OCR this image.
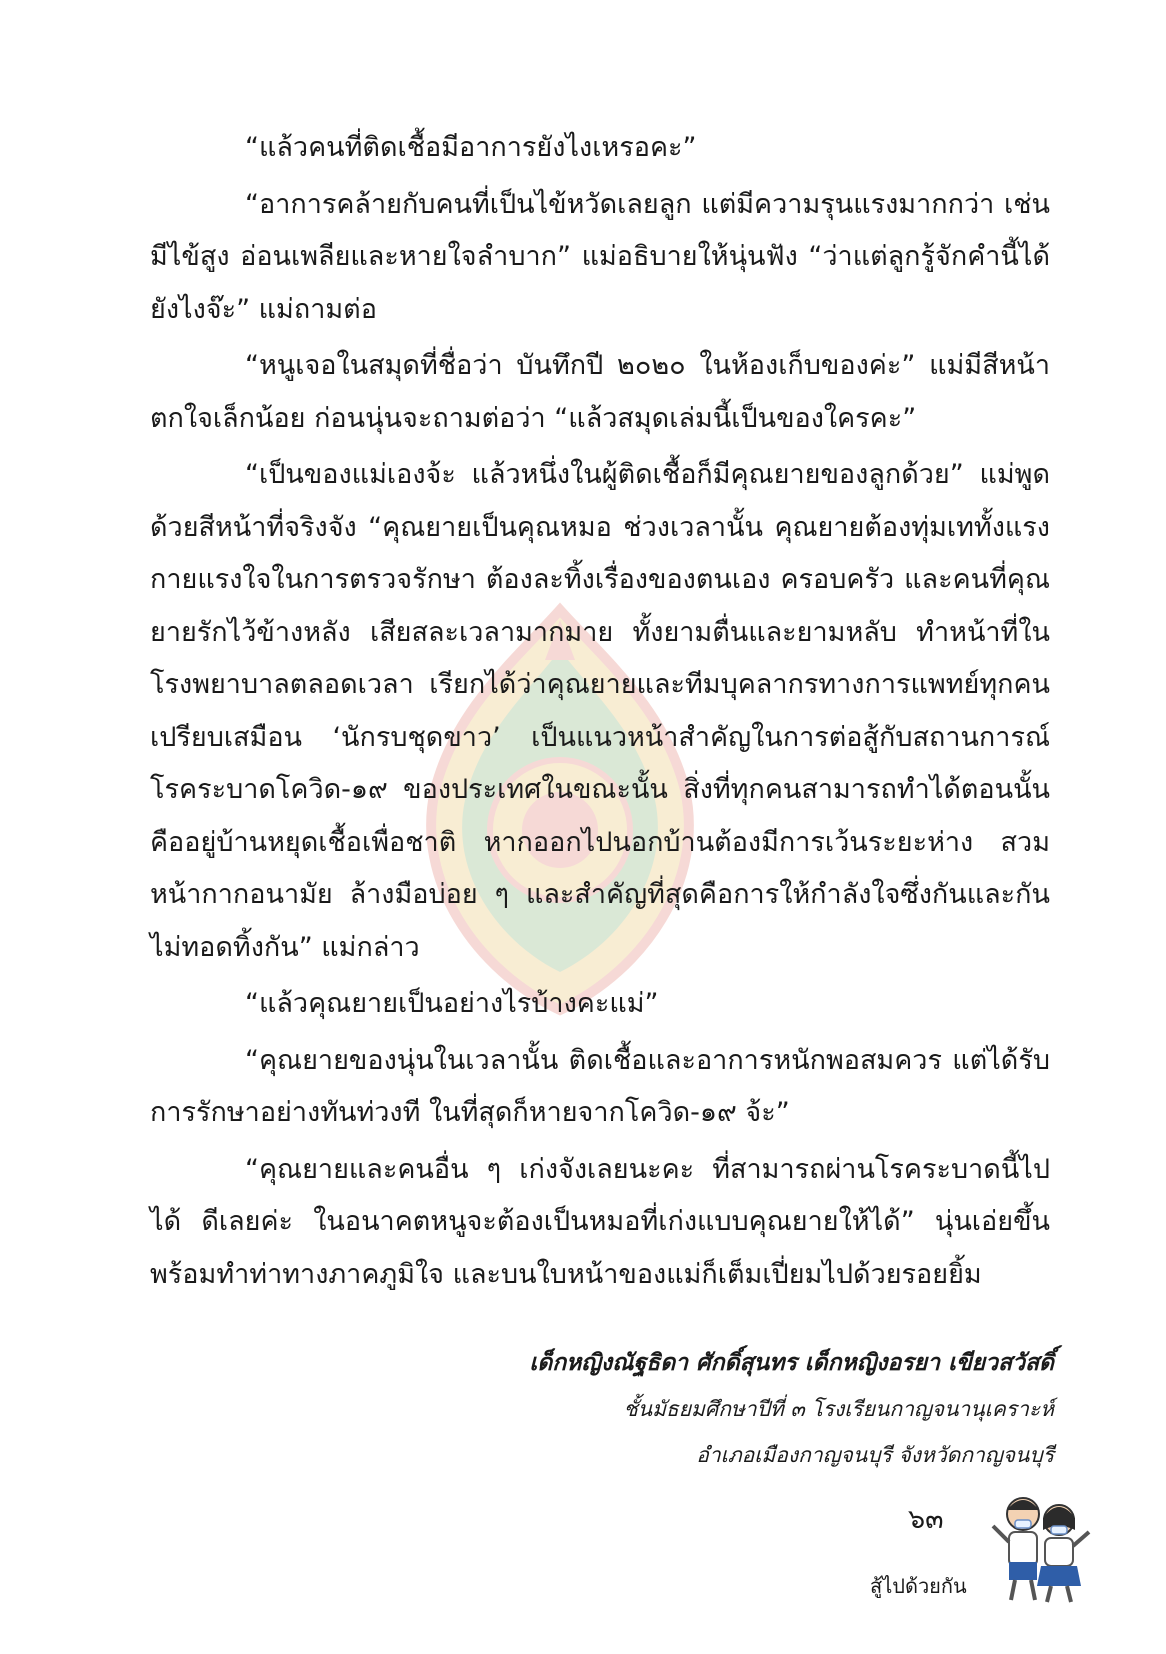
“แล้วคนที่ติดเชื้อมีอาการยังไงเหรอคะ”

“อาการคล้ายกับคนที่เป็นไข้หวัดเลยลูก แต่มีความรุนแรงมากกว่า เช่น มีไข้สูง อ่อนเพลียและหายใจลำบาก” แม่อธิบายให้นุ่นฟัง “ว่าแต่ลูกรู้จักคำนี้ได้ยังไงจ๊ะ” แม่ถามต่อ

“หนูเจอในสมุดที่ชื่อว่า บันทึกปี ๒๐๒๐ ในห้องเก็บของค่ะ” แม่มีสีหน้าตกใจเล็กน้อย ก่อนนุ่นจะถามต่อว่า “แล้วสมุดเล่มนี้เป็นของใครคะ”

“เป็นของแม่เองจ้ะ แล้วหนึ่งในผู้ติดเชื้อก็มีคุณยายของลูกด้วย” แม่พูดด้วยสีหน้าที่จริงจัง “คุณยายเป็นคุณหมอ ช่วงเวลานั้น คุณยายต้องทุ่มเททั้งแรงกายแรงใจในการตรวจรักษา ต้องละทิ้งเรื่องของตนเอง ครอบครัว และคนที่คุณยายรักไว้ข้างหลัง เสียสละเวลามากมาย ทั้งยามตื่นและยามหลับ ทำหน้าที่ในโรงพยาบาลตลอดเวลา เรียกได้ว่าคุณยายและทีมบุคลากรทางการแพทย์ทุกคน เปรียบเสมือน ‘นักรบชุดขาว’ เป็นแนวหน้าสำคัญในการต่อสู้กับสถานการณ์โรคระบาดโควิด-๑๙ ของประเทศในขณะนั้น สิ่งที่ทุกคนสามารถทำได้ตอนนั้นคืออยู่บ้านหยุดเชื้อเพื่อชาติ หากออกไปนอกบ้านต้องมีการเว้นระยะห่าง สวมหน้ากากอนามัย ล้างมือบ่อย ๆ และสำคัญที่สุดคือการให้กำลังใจซึ่งกันและกัน ไม่ทอดทิ้งกัน” แม่กล่าว

“แล้วคุณยายเป็นอย่างไรบ้างคะแม่”

“คุณยายของนุ่นในเวลานั้น ติดเชื้อและอาการหนักพอสมควร แต่ได้รับการรักษาอย่างทันท่วงที ในที่สุดก็หายจากโควิด-๑๙ จ้ะ”

“คุณยายและคนอื่น ๆ เก่งจังเลยนะคะ ที่สามารถผ่านโรคระบาดนี้ไปได้ ดีเลยค่ะ ในอนาคตหนูจะต้องเป็นหมอที่เก่งแบบคุณยายให้ได้” นุ่นเอ่ยขึ้นพร้อมทำท่าทางภาคภูมิใจ และบนใบหน้าของแม่ก็เต็มเปี่ยมไปด้วยรอยยิ้ม

เด็กหญิงณัฐธิดา ศักดิ์สุนทร เด็กหญิงอรยา เขียวสวัสดิ์
ชั้นมัธยมศึกษาปีที่ ๓ โรงเรียนกาญจนานุเคราะห์
อำเภอเมืองกาญจนบุรี จังหวัดกาญจนบุรี
๖๓
สู้ไปด้วยกัน
